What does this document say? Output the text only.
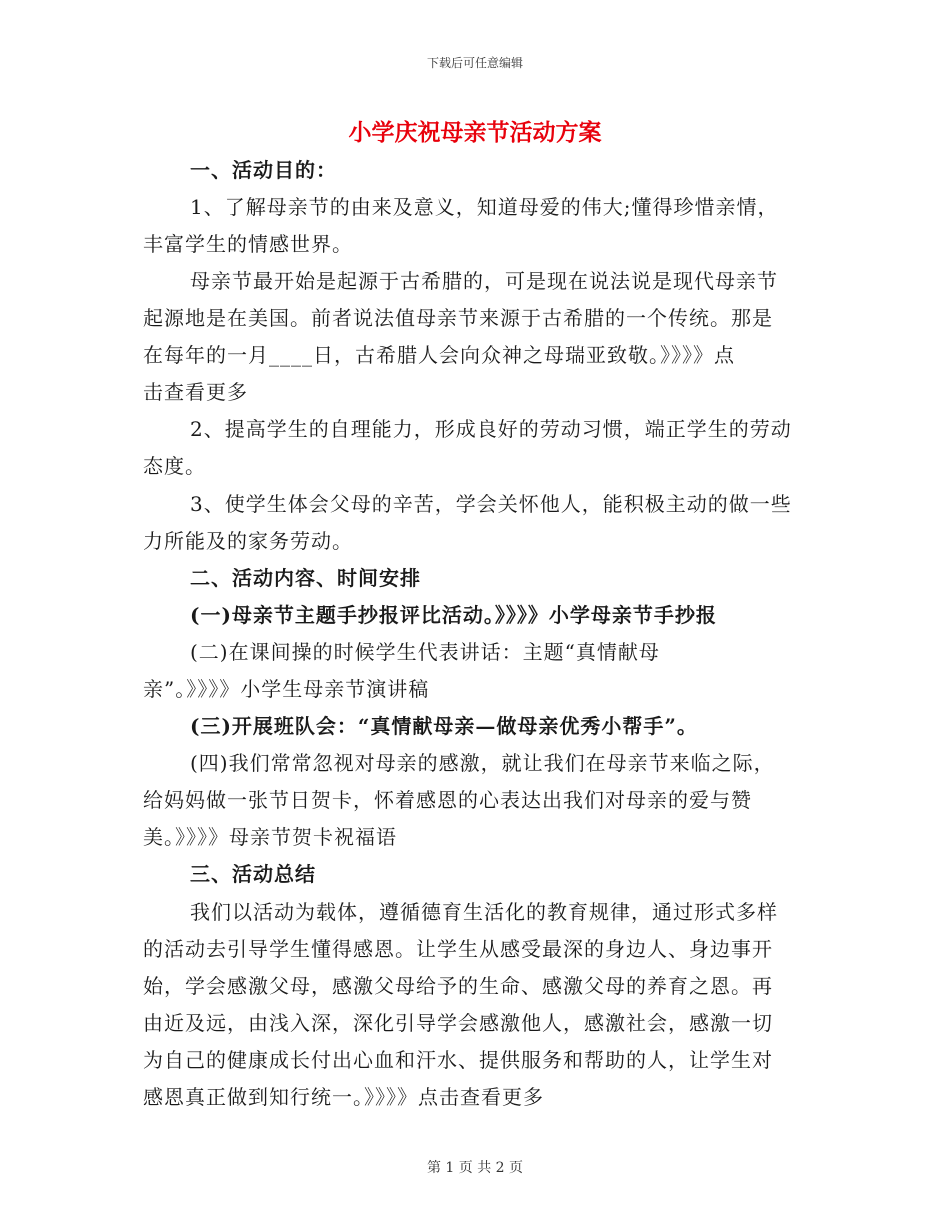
下载后可任意编辑
小学庆祝母亲节活动方案
一、活动目的：
1、了解母亲节的由来及意义，知道母爱的伟大;懂得珍惜亲情，
丰富学生的情感世界。
母亲节最开始是起源于古希腊的，可是现在说法说是现代母亲节
起源地是在美国。前者说法值母亲节来源于古希腊的一个传统。那是
在每年的一月____日，古希腊人会向众神之母瑞亚致敬。》》》》点
击查看更多
2、提高学生的自理能力，形成良好的劳动习惯，端正学生的劳动
态度。
3、使学生体会父母的辛苦，学会关怀他人，能积极主动的做一些
力所能及的家务劳动。
二、活动内容、时间安排
(一)母亲节主题手抄报评比活动。》》》》小学母亲节手抄报
(二)在课间操的时候学生代表讲话：主题“真情献母
亲”。》》》》小学生母亲节演讲稿
(三)开展班队会：“真情献母亲—做母亲优秀小帮手”。
(四)我们常常忽视对母亲的感激，就让我们在母亲节来临之际，
给妈妈做一张节日贺卡，怀着感恩的心表达出我们对母亲的爱与赞
美。》》》》母亲节贺卡祝福语
三、活动总结
我们以活动为载体，遵循德育生活化的教育规律，通过形式多样
的活动去引导学生懂得感恩。让学生从感受最深的身边人、身边事开
始，学会感激父母，感激父母给予的生命、感激父母的养育之恩。再
由近及远，由浅入深，深化引导学会感激他人，感激社会，感激一切
为自己的健康成长付出心血和汗水、提供服务和帮助的人，让学生对
感恩真正做到知行统一。》》》》点击查看更多
第 1 页 共 2 页
